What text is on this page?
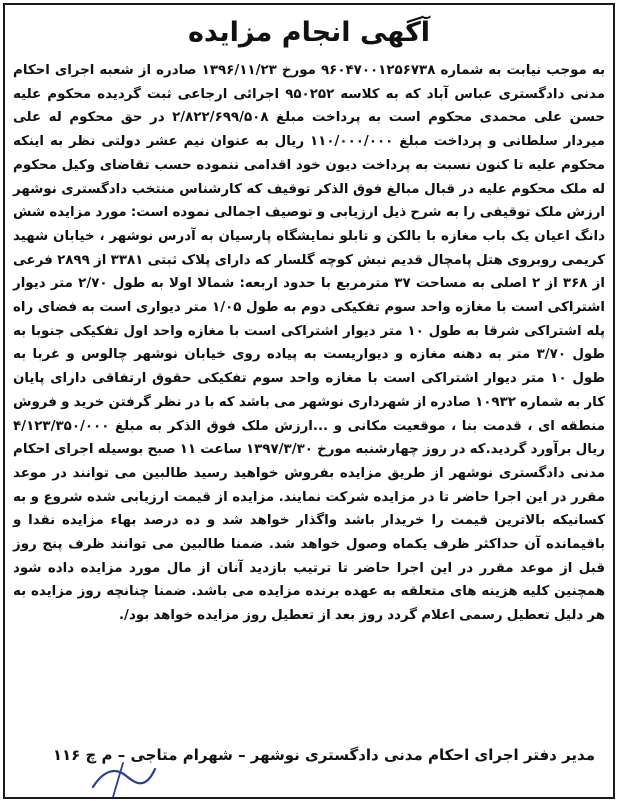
آگهی انجام مزایده
به موجب نیابت به شماره ۹۶۰۴۷۰۰۱۲۵۶۷۳۸ مورخ ۱۳۹۶/۱۱/۲۳ صادره از شعبه اجرای احکام مدنی دادگستری عباس آباد که به کلاسه ۹۵۰۲۵۲ اجرائی ارجاعی ثبت گردیده محکوم علیه حسن علی محمدی محکوم است به پرداخت مبلغ ۲/۸۲۲/۶۹۹/۵۰۸ در حق محکوم له علی میردار سلطانی و پرداخت مبلغ ۱۱۰/۰۰۰/۰۰۰ ریال به عنوان نیم عشر دولتی نظر به اینکه محکوم علیه تا کنون نسبت به پرداخت دیون خود اقدامی ننموده حسب تقاضای وکیل محکوم له ملک محکوم علیه در قبال مبالغ فوق الذکر توقیف که کارشناس منتخب دادگستری نوشهر ارزش ملک توقیفی را به شرح ذیل ارزیابی و توصیف اجمالی نموده است: مورد مزایده شش دانگ اعیان یک باب مغازه با بالکن و تابلو نمایشگاه پارسیان به آدرس نوشهر ، خیابان شهید کریمی روبروی هتل پامچال قدیم نبش کوچه گلسار که دارای پلاک ثبتی ۳۳۸۱ از ۲۸۹۹ فرعی از ۳۶۸ از ۲ اصلی به مساحت ۳۷ مترمربع با حدود اربعه: شمالا اولا به طول ۲/۷۰ متر دیوار اشتراکی است با مغازه واحد سوم تفکیکی دوم به طول ۱/۰۵ متر دیواری است به فضای راه پله اشتراکی شرقا به طول ۱۰ متر دیوار اشتراکی است با مغازه واحد اول تفکیکی جنوبا به طول ۳/۷۰ متر به دهنه مغازه و دیواریست به پیاده روی خیابان نوشهر چالوس و غربا به طول ۱۰ متر دیوار اشتراکی است با مغازه واحد سوم تفکیکی حقوق ارتفاقی دارای پایان کار به شماره ۱۰۹۳۲ صادره از شهرداری نوشهر می باشد که با در نظر گرفتن خرید و فروش منطقه ای ، قدمت بنا ، موقعیت مکانی و ...ارزش ملک فوق الذکر به مبلغ ۴/۱۲۳/۳۵۰/۰۰۰ ریال برآورد گردید.که در روز چهارشنبه مورخ ۱۳۹۷/۳/۳۰ ساعت ۱۱ صبح بوسیله اجرای احکام مدنی دادگستری نوشهر از طریق مزایده بفروش خواهید رسید طالبین می توانند در موعد مقرر در این اجرا حاضر تا در مزایده شرکت نمایند. مزایده از قیمت ارزیابی شده شروع و به کسانیکه بالاترین قیمت را خریدار باشد واگذار خواهد شد و ده درصد بهاء مزایده نقدا و باقیمانده آن حداکثر ظرف یکماه وصول خواهد شد. ضمنا طالبین می توانند ظرف پنج روز قبل از موعد مقرر در این اجرا حاضر تا ترتیب بازدید آنان از مال مورد مزایده داده شود همچنین کلیه هزینه های متعلقه به عهده برنده مزایده می باشد. ضمنا چنانچه روز مزایده به هر دلیل تعطیل رسمی اعلام گردد روز بعد از تعطیل روز مزایده خواهد بود/.
مدیر دفتر اجرای احکام مدنی دادگستری نوشهر – شهرام متاجی – م ‌چ ۱۱۶
